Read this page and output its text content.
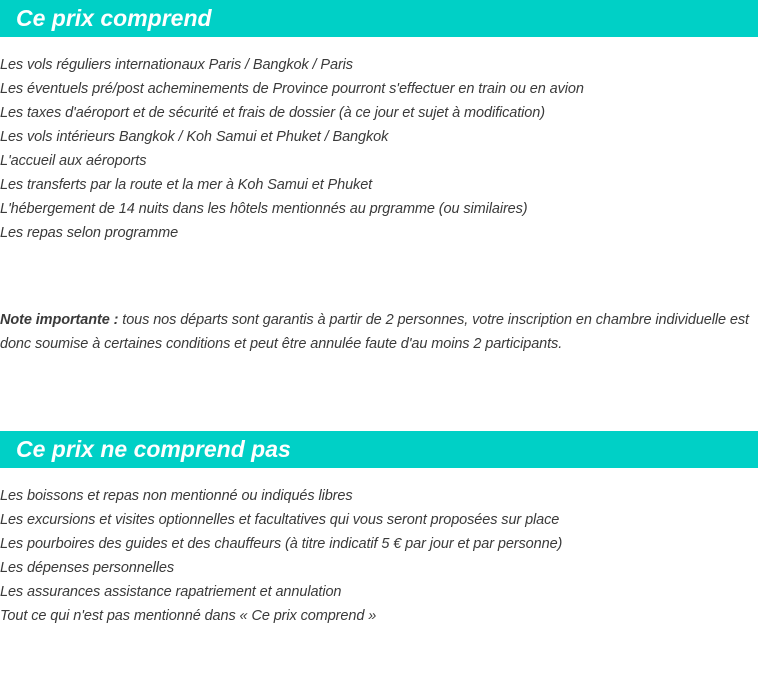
Ce prix comprend
Les vols réguliers internationaux Paris / Bangkok / Paris
Les éventuels pré/post acheminements de Province pourront s'effectuer en train ou en avion
Les taxes d'aéroport et de sécurité et frais de dossier (à ce jour et sujet à modification)
Les vols intérieurs Bangkok / Koh Samui et Phuket / Bangkok
L'accueil aux aéroports
Les transferts par la route et la mer à Koh Samui et Phuket
L'hébergement de 14 nuits dans les hôtels mentionnés au prgramme (ou similaires)
Les repas selon programme

Note importante : tous nos départs sont garantis à partir de 2 personnes, votre inscription en chambre individuelle est donc soumise à certaines conditions et peut être annulée faute d'au moins 2 participants.

Ce prix ne comprend pas
Les boissons et repas non mentionné ou indiqués libres
Les excursions et visites optionnelles et facultatives qui vous seront proposées sur place
Les pourboires des guides et des chauffeurs (à titre indicatif 5 € par jour et par personne)
Les dépenses personnelles
Les assurances assistance rapatriement et annulation
Tout ce qui n'est pas mentionné dans « Ce prix comprend »
